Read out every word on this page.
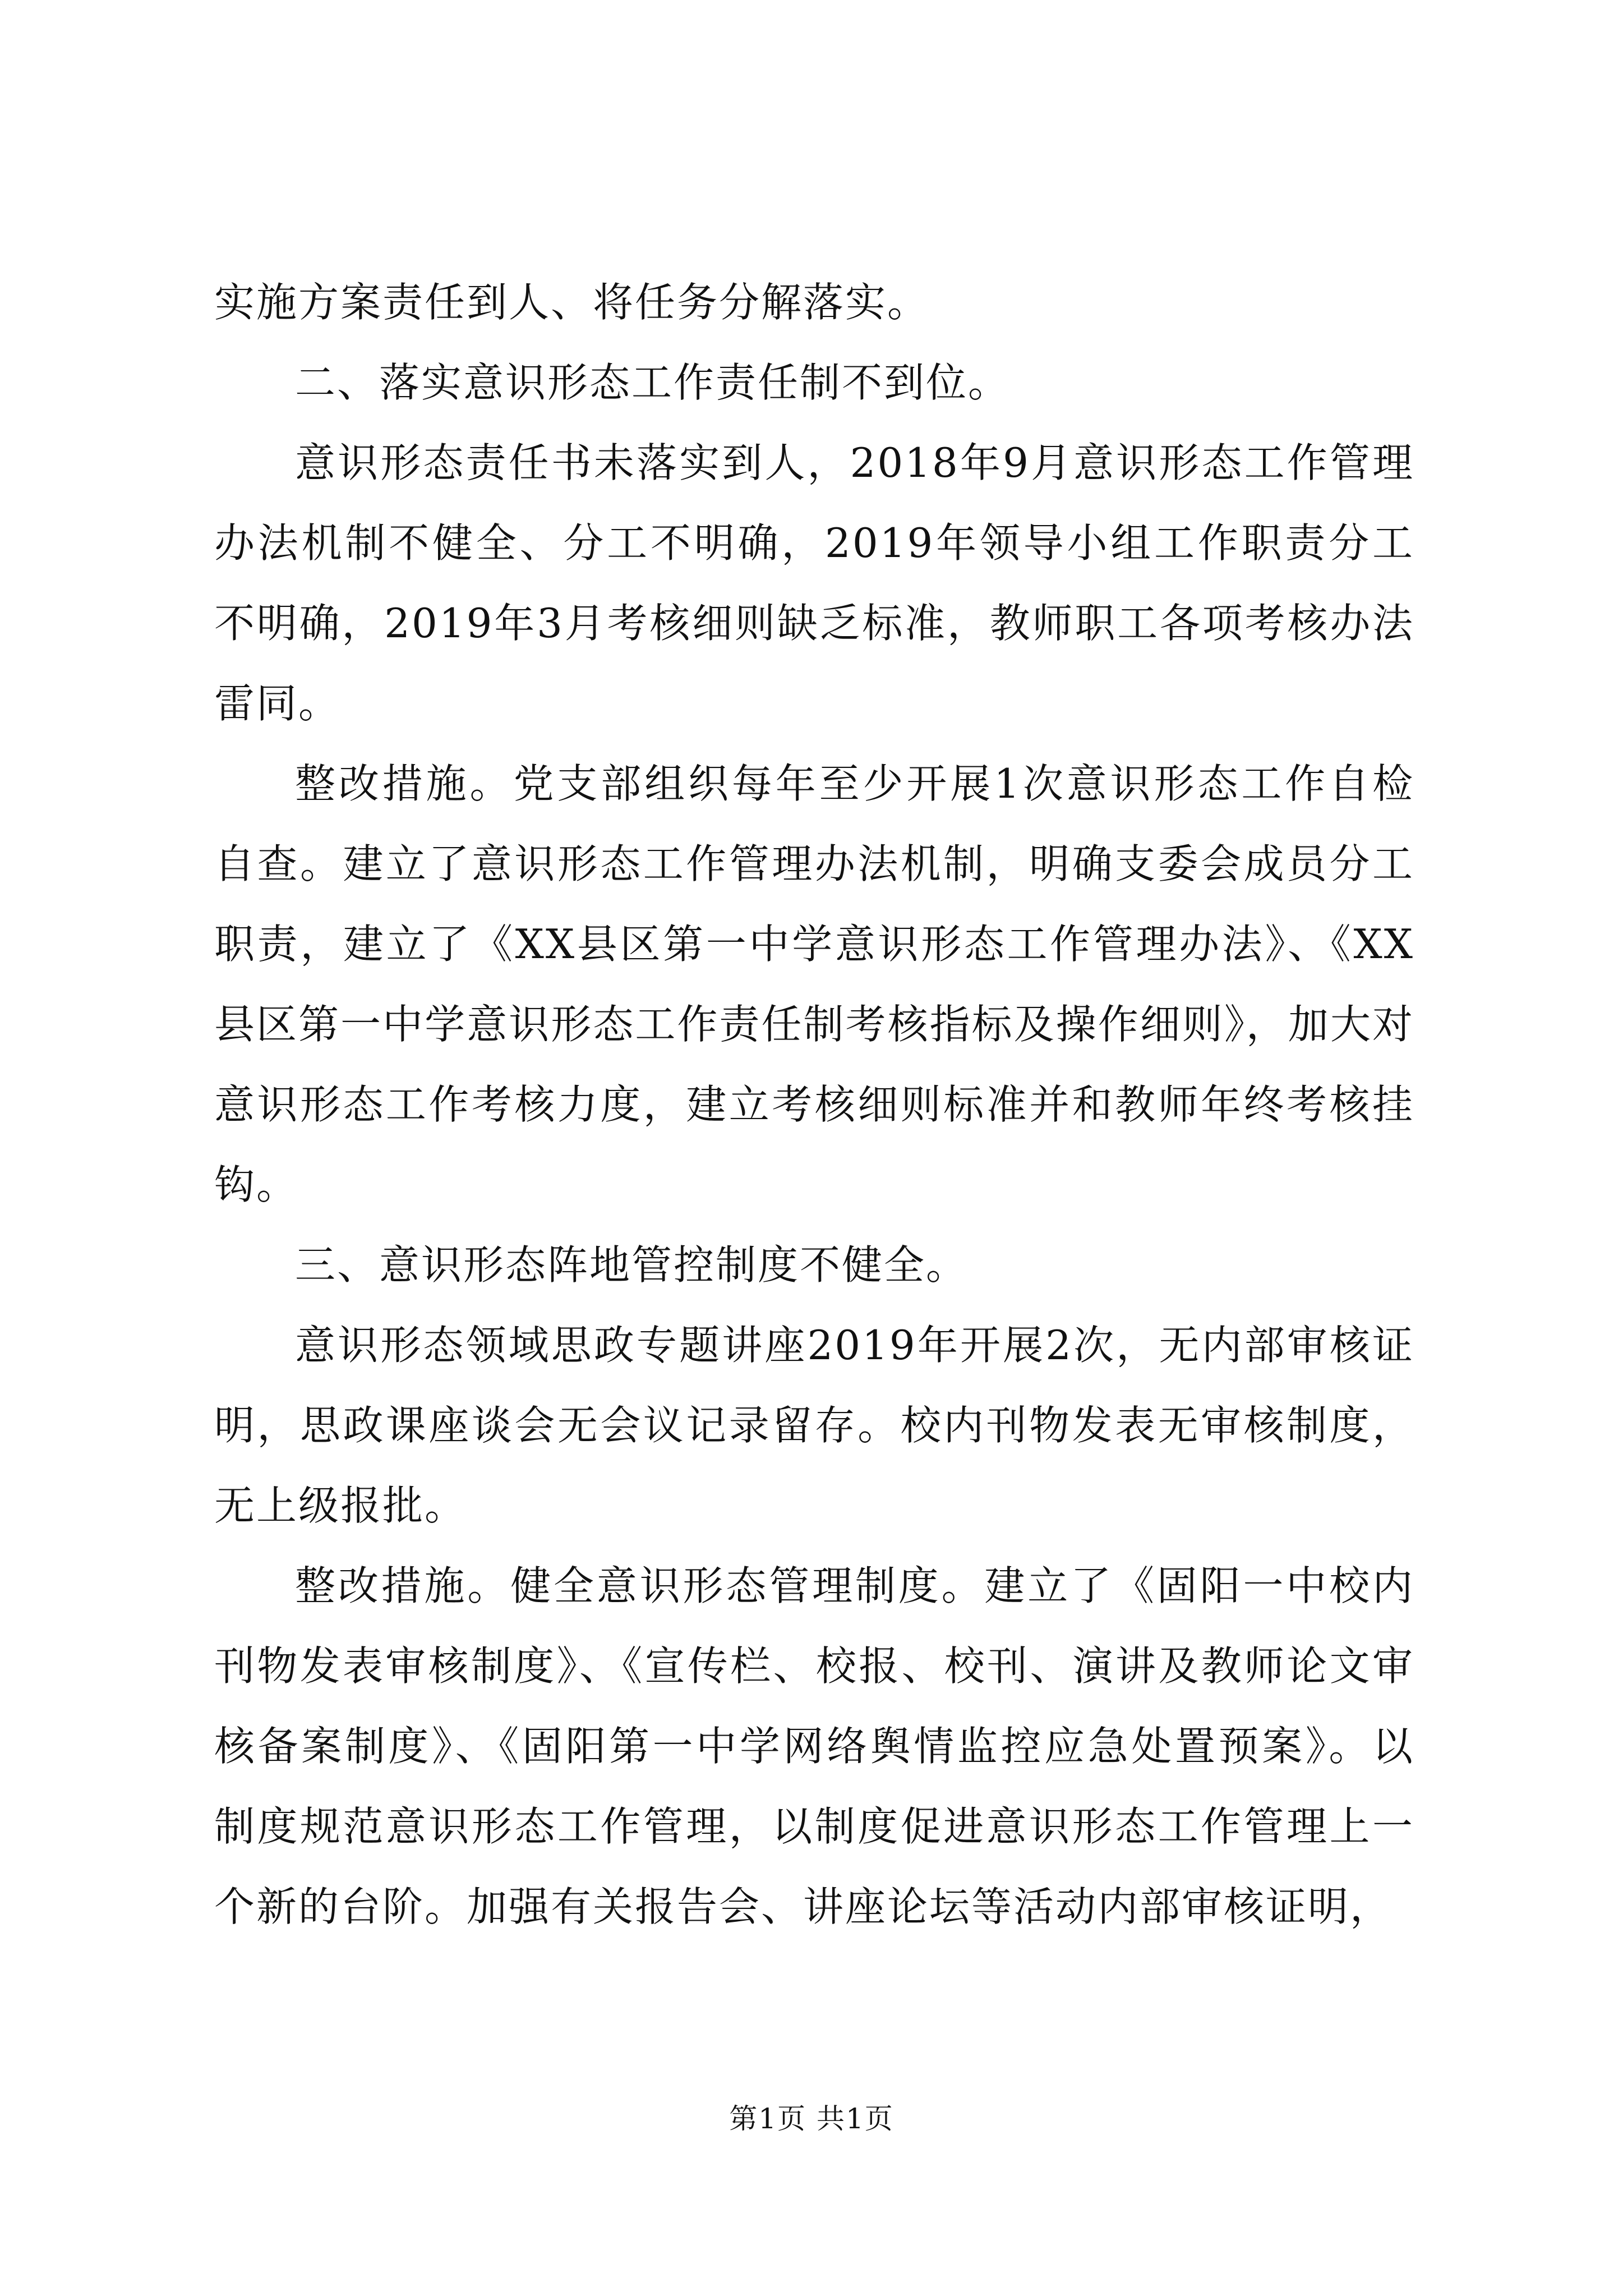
实施方案责任到人、将任务分解落实。

二、落实意识形态工作责任制不到位。

意识形态责任书未落实到人，2018年9月意识形态工作管理办法机制不健全、分工不明确，2019年领导小组工作职责分工不明确，2019年3月考核细则缺乏标准，教师职工各项考核办法雷同。

整改措施。党支部组织每年至少开展1次意识形态工作自检自查。建立了意识形态工作管理办法机制，明确支委会成员分工职责，建立了《XX县区第一中学意识形态工作管理办法》、《XX县区第一中学意识形态工作责任制考核指标及操作细则》，加大对意识形态工作考核力度，建立考核细则标准并和教师年终考核挂钩。

三、意识形态阵地管控制度不健全。

意识形态领域思政专题讲座2019年开展2次，无内部审核证明，思政课座谈会无会议记录留存。校内刊物发表无审核制度，无上级报批。

整改措施。健全意识形态管理制度。建立了《固阳一中校内刊物发表审核制度》、《宣传栏、校报、校刊、演讲及教师论文审核备案制度》、《固阳第一中学网络舆情监控应急处置预案》。以制度规范意识形态工作管理，以制度促进意识形态工作管理上一个新的台阶。加强有关报告会、讲座论坛等活动内部审核证明，

第1页 共1页
